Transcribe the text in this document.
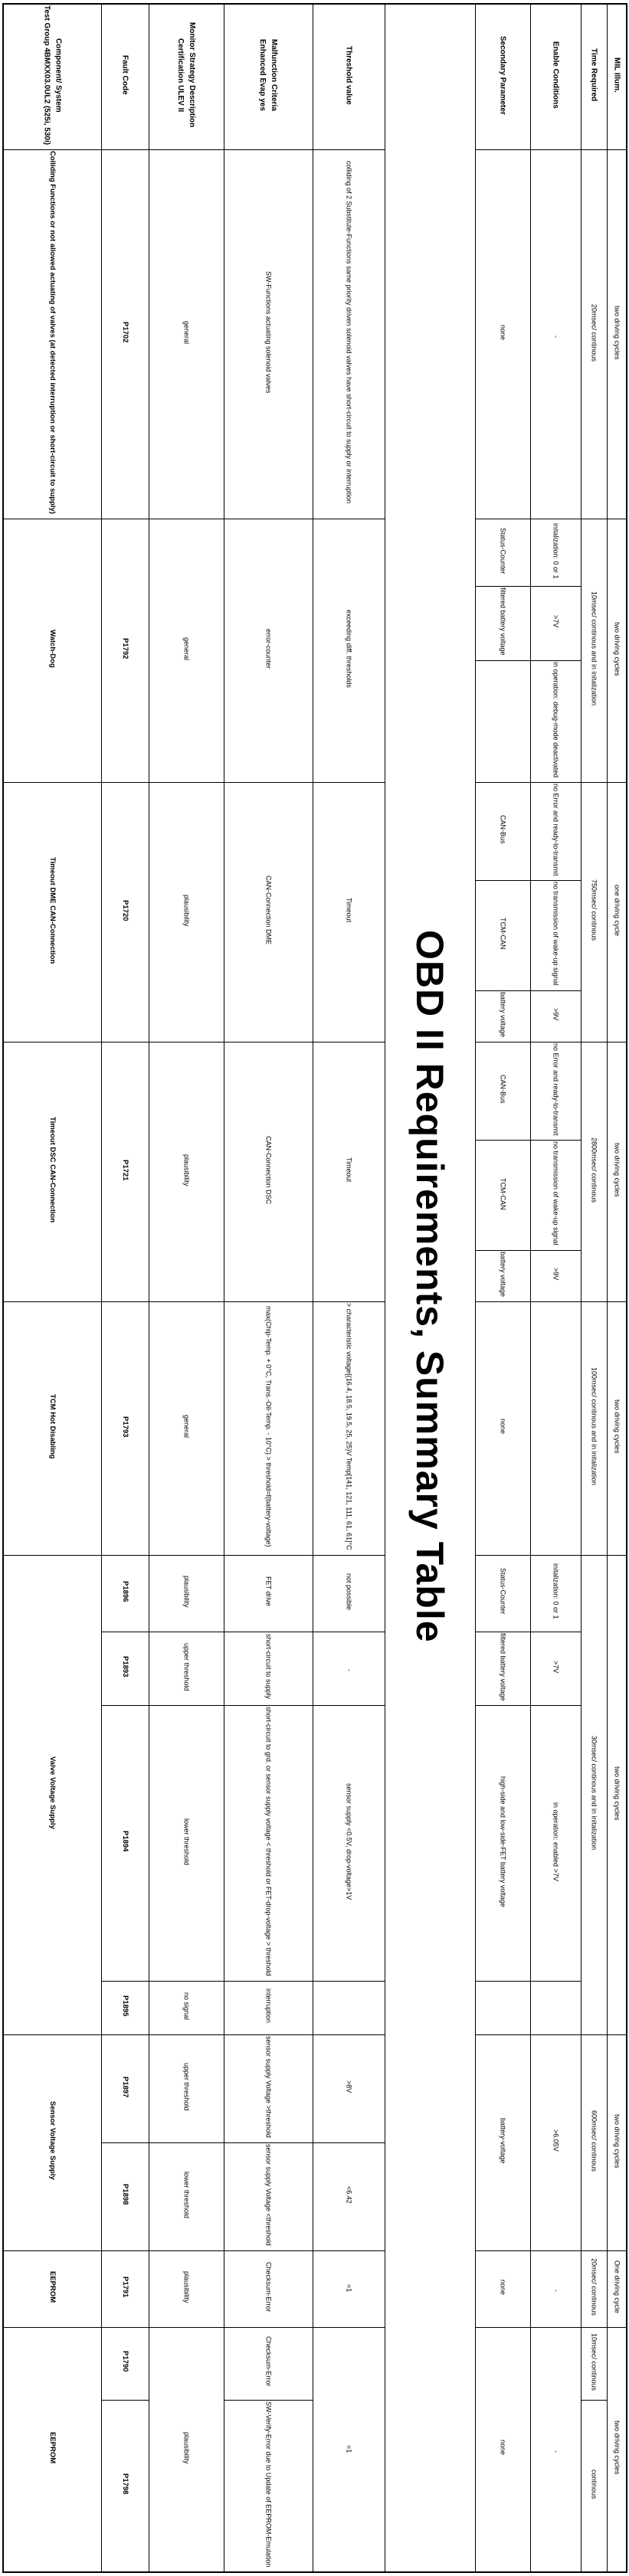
Test Group 4BMXX03.0UL2 (525i, 530i) Component/ System	Fault Code	Certification ULEV II Monitor Strategy Description	Enhanced Evap yes Malfunction Criteria	Threshold value	OBD II Requirements, Summary Table	Secondary Parameter	Enable Conditions	Time Required	MIL Illum.
Colliding Functions or not allowed actuating of valves (at detected interruption or short-circuit to supply)	P1702	general	SW-Functions actuating solenoid valves	colliding of 2 Substitute-Functions same priority driven solenoid valves have short-circuit to supply or interruption		none	-	20msec/ continous	two driving cycles
Watch-Dog	P1792	general	error-counter	exceeding diff. thresholds		Status-Counter	initalization: 0 or 1	10msec/ continous and in initalization	two driving cycles
						filtered battery voltage	>7V		
							in operation: debug-mode deactivated		
Timeout DME CAN-Connection	P1720	plausibility	CAN-Connection DME	Timeout		CAN-Bus	no Error and ready-to-transmit	750msec/ continous	one driving cycle
						TCM-CAN	no transmission of wake-up signal		
						battery voltage	>9V		
Timeout DSC CAN-Connection	P1721	plausibility	CAN-Connection DSC	Timeout		CAN-Bus	no Error and ready-to-transmit	2800msec/ continous	two driving cycles
						TCM-CAN	no transmission of wake-up signal		
						battery voltage	>9V		
TCM Hot Disabling	P1793	general	max(Chip-Temp. + 0°C, Trans.-Oil-Temp. - 10°C) > threshold=f(battery-voltage)	> characteristic voltage[(16.4, 18.5, 19.5, 25, 25)V Temp[141, 121, 111, 61, 61]°C		none		100msec/ continous and in initalization	two driving cycles
Valve Voltage Supply	P1896	plausibility	FET drive	not possible		Status-Counter	initalization: 0 or 1	30msec/ continous and in initalization	two driving cycles
	P1893	upper threshold	short-circuit to supply	-		filtered battery voltage	>7V		
	P1894	lower threshold	short-circuit to grd. or sensor supply voltage < threshold or FET-drop-voltage > threshold	sensor supply <0.5V, drop-voltage>1V		high-side and low-side-FET battery voltage	in operation: enabled >7V		
	P1895	no signal	interruption						
Sensor Voltage Supply	P1897	upper threshold	sensor supply Voltage >threshold	>8V		battery-voltage	>6.05V	600msec/ continous	two driving cycles
	P1898	lower threshold	sensor supply Voltage <threshold	<6.42					
EEPROM	P1791	plausibility	Checksum-Error	=1		none	-	20msec/ continous	One driving cycle
EEPROM	P1790	plausibility	Checksum-Error	=1		none	-	10msec/ continous	two driving cycles
	P1798		SW-Verify-Error due to Update of EEPROM-Emulation					continous	
